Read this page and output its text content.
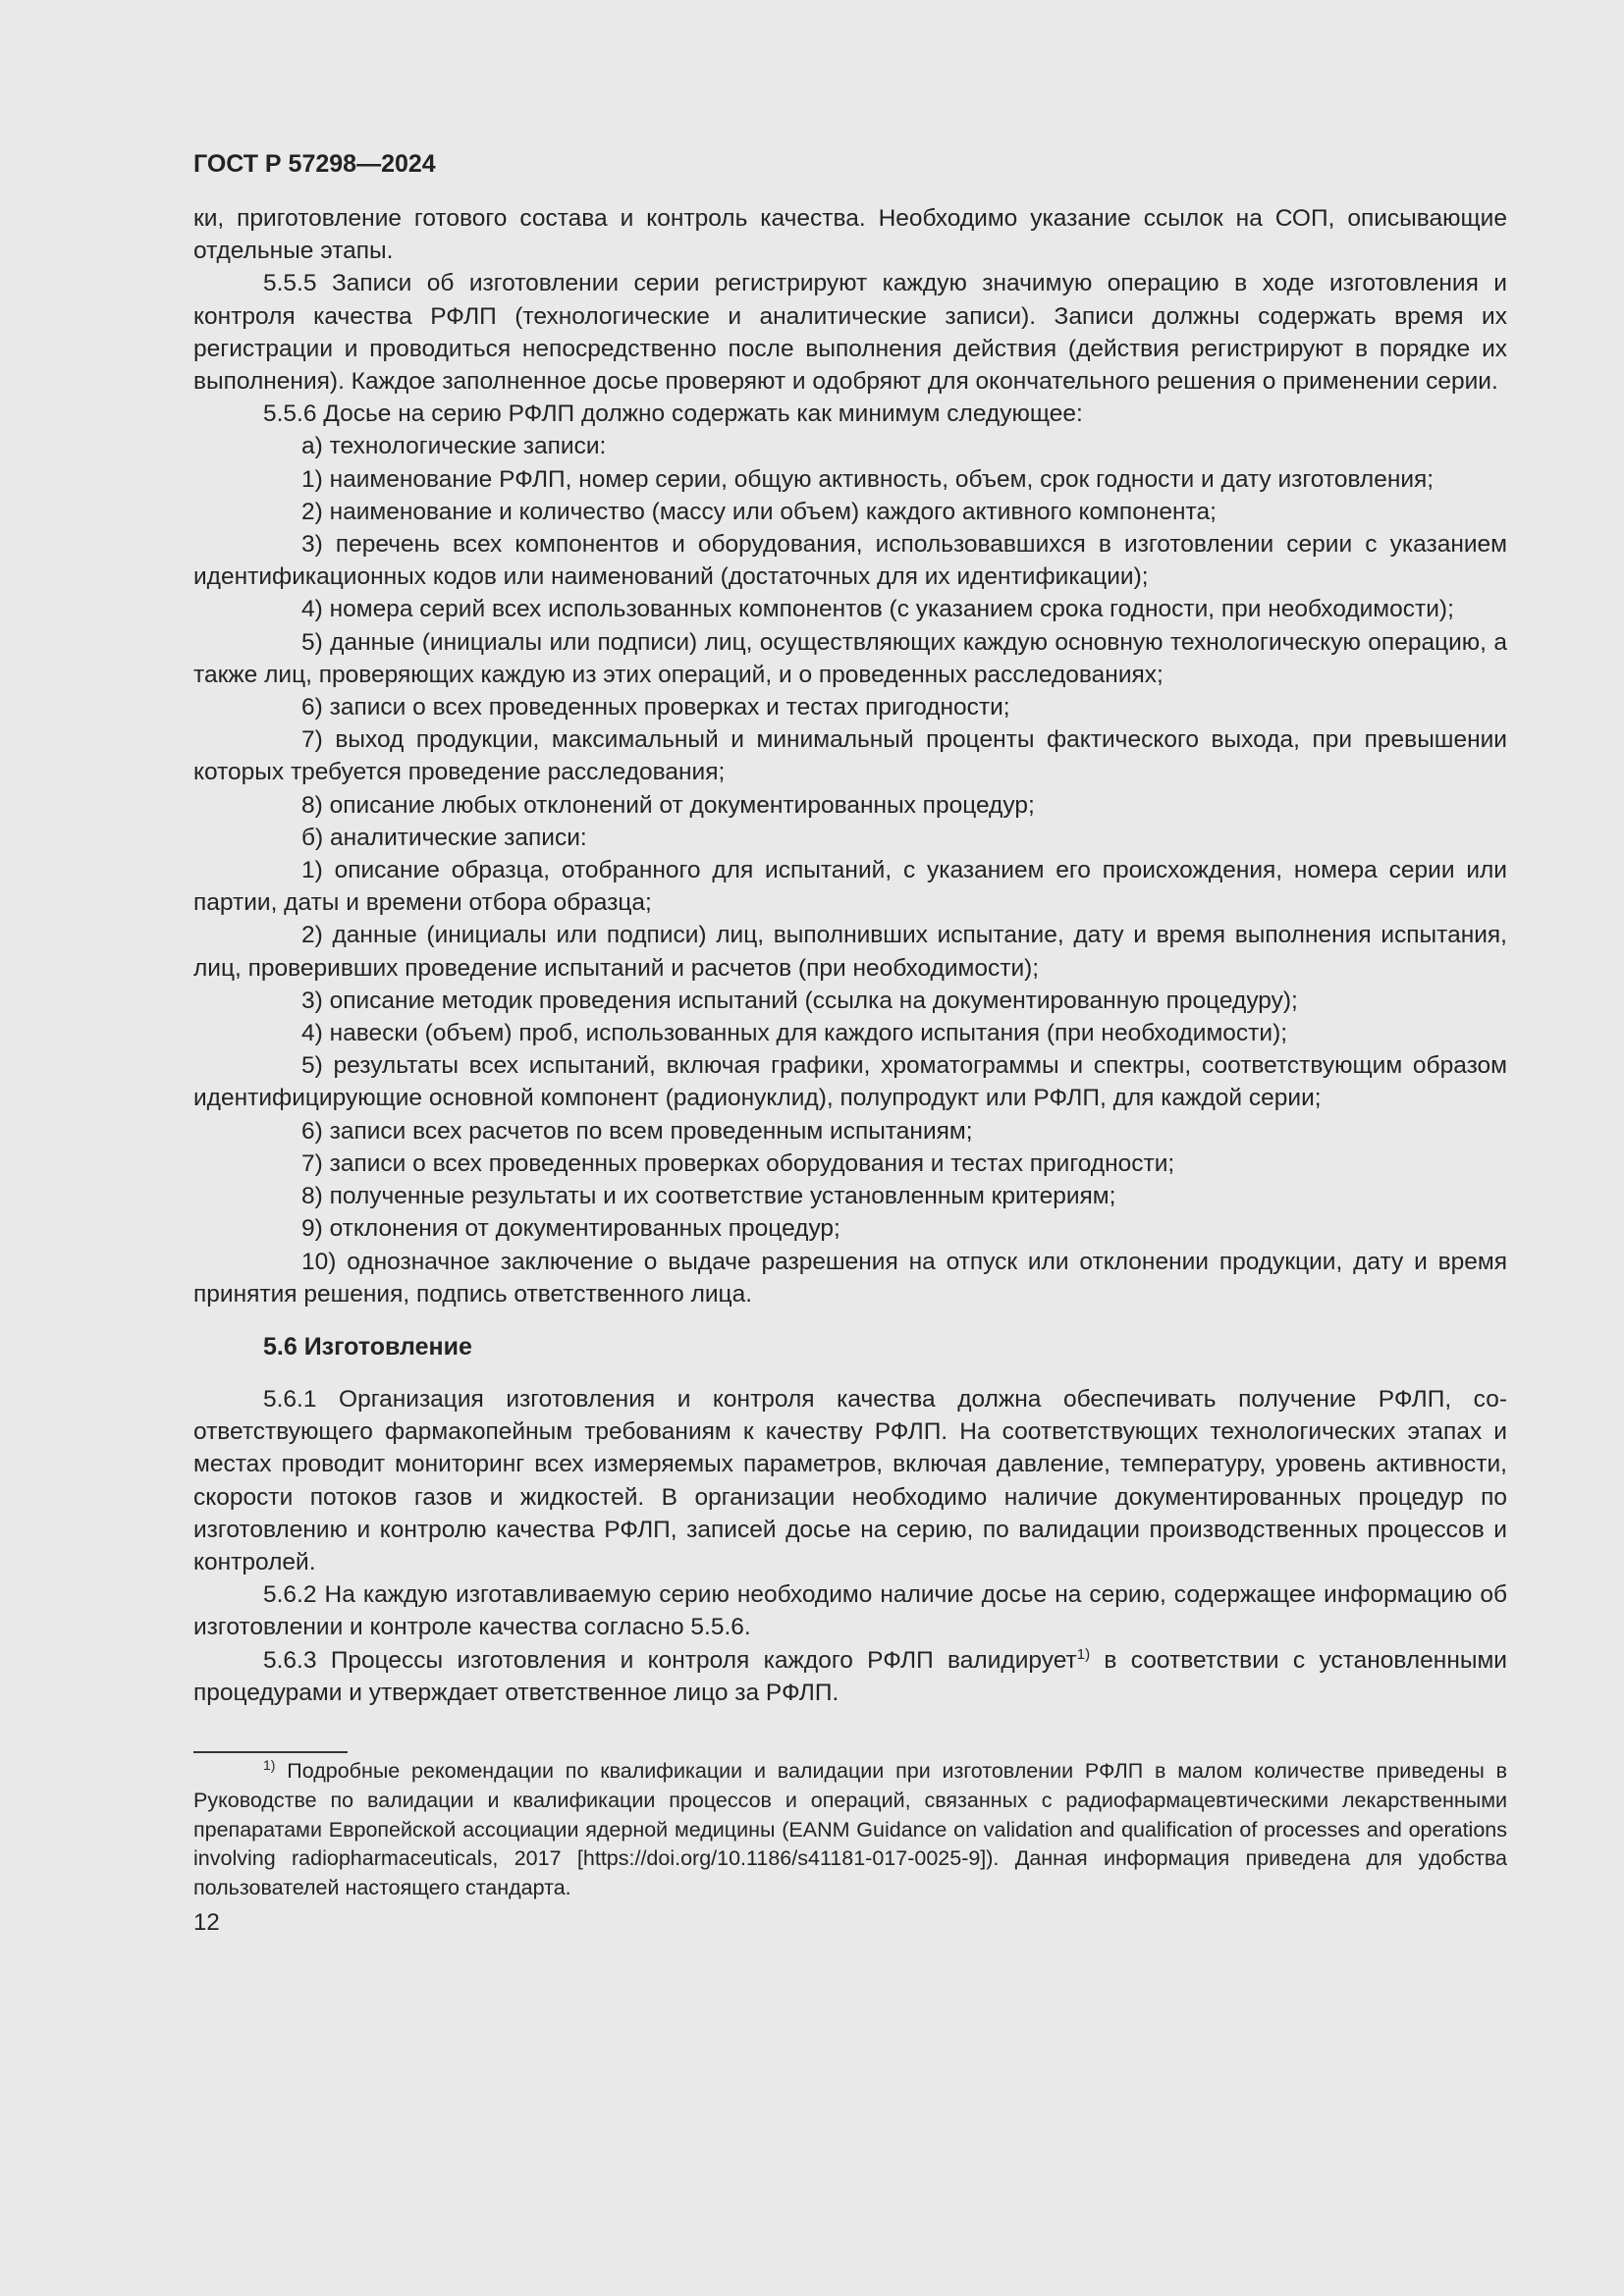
ГОСТ Р 57298—2024

ки, приготовление готового состава и контроль качества. Необходимо указание ссылок на СОП, описывающие отдельные этапы.

5.5.5 Записи об изготовлении серии регистрируют каждую значимую операцию в ходе изготовления и контроля качества РФЛП (технологические и аналитические записи). Записи должны содержать время их регистрации и проводиться непосредственно после выполнения действия (действия регистрируют в порядке их выполнения). Каждое заполненное досье проверяют и одобряют для окончательного решения о применении серии.

5.5.6 Досье на серию РФЛП должно содержать как минимум следующее:

а) технологические записи:

1) наименование РФЛП, номер серии, общую активность, объем, срок годности и дату изготовления;

2) наименование и количество (массу или объем) каждого активного компонента;

3) перечень всех компонентов и оборудования, использовавшихся в изготовлении серии с указанием идентификационных кодов или наименований (достаточных для их идентификации);

4) номера серий всех использованных компонентов (с указанием срока годности, при необходимости);

5) данные (инициалы или подписи) лиц, осуществляющих каждую основную технологическую операцию, а также лиц, проверяющих каждую из этих операций, и о проведенных расследованиях;

6) записи о всех проведенных проверках и тестах пригодности;

7) выход продукции, максимальный и минимальный проценты фактического выхода, при превышении которых требуется проведение расследования;

8) описание любых отклонений от документированных процедур;

б) аналитические записи:

1) описание образца, отобранного для испытаний, с указанием его происхождения, номера серии или партии, даты и времени отбора образца;

2) данные (инициалы или подписи) лиц, выполнивших испытание, дату и время выполнения испытания, лиц, проверивших проведение испытаний и расчетов (при необходимости);

3) описание методик проведения испытаний (ссылка на документированную процедуру);

4) навески (объем) проб, использованных для каждого испытания (при необходимости);

5) результаты всех испытаний, включая графики, хроматограммы и спектры, соответствующим образом идентифицирующие основной компонент (радионуклид), полупродукт или РФЛП, для каждой серии;

6) записи всех расчетов по всем проведенным испытаниям;

7) записи о всех проведенных проверках оборудования и тестах пригодности;

8) полученные результаты и их соответствие установленным критериям;

9) отклонения от документированных процедур;

10) однозначное заключение о выдаче разрешения на отпуск или отклонении продукции, дату и время принятия решения, подпись ответственного лица.

5.6 Изготовление

5.6.1 Организация изготовления и контроля качества должна обеспечивать получение РФЛП, соответствующего фармакопейным требованиям к качеству РФЛП. На соответствующих технологических этапах и местах проводит мониторинг всех измеряемых параметров, включая давление, температуру, уровень активности, скорости потоков газов и жидкостей. В организации необходимо наличие документированных процедур по изготовлению и контролю качества РФЛП, записей досье на серию, по валидации производственных процессов и контролей.

5.6.2 На каждую изготавливаемую серию необходимо наличие досье на серию, содержащее информацию об изготовлении и контроле качества согласно 5.5.6.

5.6.3 Процессы изготовления и контроля каждого РФЛП валидирует$^{1)}$ в соответствии с установленными процедурами и утверждает ответственное лицо за РФЛП.

$^{1)}$ Подробные рекомендации по квалификации и валидации при изготовлении РФЛП в малом количестве приведены в Руководстве по валидации и квалификации процессов и операций, связанных с радиофармацевтическими лекарственными препаратами Европейской ассоциации ядерной медицины (EANM Guidance on validation and qualification of processes and operations involving radiopharmaceuticals, 2017 [https://doi.org/10.1186/s41181-017-0025-9]). Данная информация приведена для удобства пользователей настоящего стандарта.

12
